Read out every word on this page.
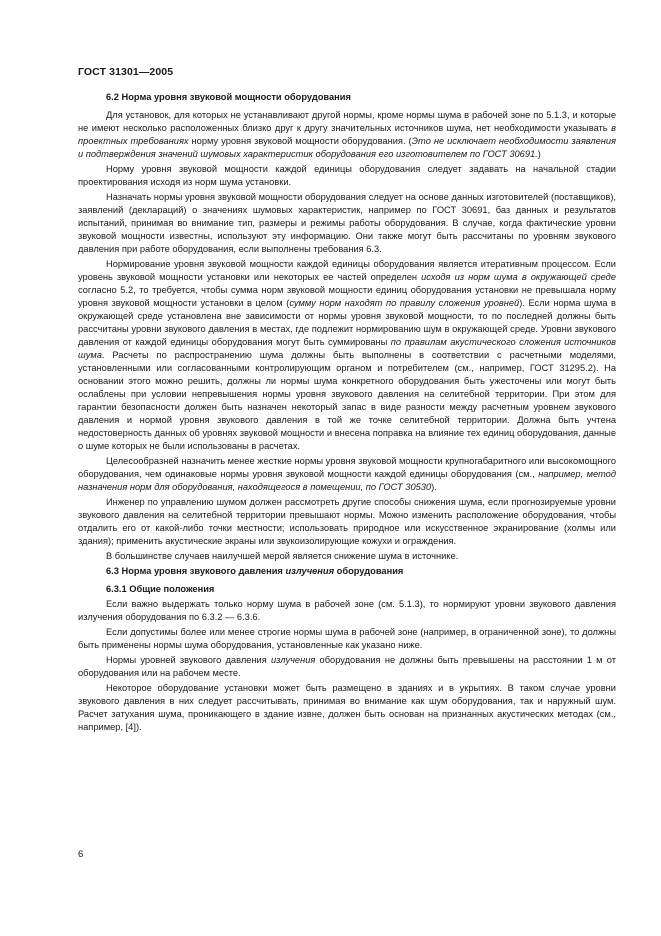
ГОСТ 31301—2005
6.2 Норма уровня звуковой мощности оборудования

Для установок, для которых не устанавливают другой нормы, кроме нормы шума в рабочей зоне по 5.1.3, и которые не имеют несколько расположенных близко друг к другу значительных источников шума, нет необходимости указывать в проектных требованиях норму уровня звуковой мощности оборудования. (Это не исключает необходимости заявления и подтверждения значений шумовых характеристик оборудования его изготовителем по ГОСТ 30691.)

Норму уровня звуковой мощности каждой единицы оборудования следует задавать на начальной стадии проектирования исходя из норм шума установки.

Назначать нормы уровня звуковой мощности оборудования следует на основе данных изготовителей (поставщиков), заявлений (деклараций) о значениях шумовых характеристик, например по ГОСТ 30691, баз данных и результатов испытаний, принимая во внимание тип, размеры и режимы работы оборудования. В случае, когда фактические уровни звуковой мощности известны, используют эту информацию. Они также могут быть рассчитаны по уровням звукового давления при работе оборудования, если выполнены требования 6.3.

Нормирование уровня звуковой мощности каждой единицы оборудования является итеративным процессом. Если уровень звуковой мощности установки или некоторых ее частей определен исходя из норм шума в окружающей среде согласно 5.2, то требуется, чтобы сумма норм звуковой мощности единиц оборудования установки не превышала норму уровня звуковой мощности установки в целом (сумму норм находят по правилу сложения уровней). Если норма шума в окружающей среде установлена вне зависимости от нормы уровня звуковой мощности, то по последней должны быть рассчитаны уровни звукового давления в местах, где подлежит нормированию шум в окружающей среде. Уровни звукового давления от каждой единицы оборудования могут быть суммированы по правилам акустического сложения источников шума. Расчеты по распространению шума должны быть выполнены в соответствии с расчетными моделями, установленными или согласованными контролирующим органом и потребителем (см., например, ГОСТ 31295.2). На основании этого можно решить, должны ли нормы шума конкретного оборудования быть ужесточены или могут быть ослаблены при условии непревышения нормы уровня звукового давления на селитебной территории. При этом для гарантии безопасности должен быть назначен некоторый запас в виде разности между расчетным уровнем звукового давления и нормой уровня звукового давления в той же точке селитебной территории. Должна быть учтена недостоверность данных об уровнях звуковой мощности и внесена поправка на влияние тех единиц оборудования, данные о шуме которых не были использованы в расчетах.

Целесообразней назначить менее жесткие нормы уровня звуковой мощности крупногабаритного или высокомощного оборудования, чем одинаковые нормы уровня звуковой мощности каждой единицы оборудования (см., например, метод назначения норм для оборудования, находящегося в помещении, по ГОСТ 30530).

Инженер по управлению шумом должен рассмотреть другие способы снижения шума, если прогнозируемые уровни звукового давления на селитебной территории превышают нормы. Можно изменить расположение оборудования, чтобы отдалить его от какой-либо точки местности; использовать природное или искусственное экранирование (холмы или здания); применить акустические экраны или звукоизолирующие кожухи и ограждения.

В большинстве случаев наилучшей мерой является снижение шума в источнике.

6.3 Норма уровня звукового давления излучения оборудования
6.3.1 Общие положения

Если важно выдержать только норму шума в рабочей зоне (см. 5.1.3), то нормируют уровни звукового давления излучения оборудования по 6.3.2 — 6.3.6.

Если допустимы более или менее строгие нормы шума в рабочей зоне (например, в ограниченной зоне), то должны быть применены нормы шума оборудования, установленные как указано ниже.

Нормы уровней звукового давления излучения оборудования не должны быть превышены на расстоянии 1 м от оборудования или на рабочем месте.

Некоторое оборудование установки может быть размещено в зданиях и в укрытиях. В таком случае уровни звукового давления в них следует рассчитывать, принимая во внимание как шум оборудования, так и наружный шум. Расчет затухания шума, проникающего в здание извне, должен быть основан на признанных акустических методах (см., например, [4]).

6
